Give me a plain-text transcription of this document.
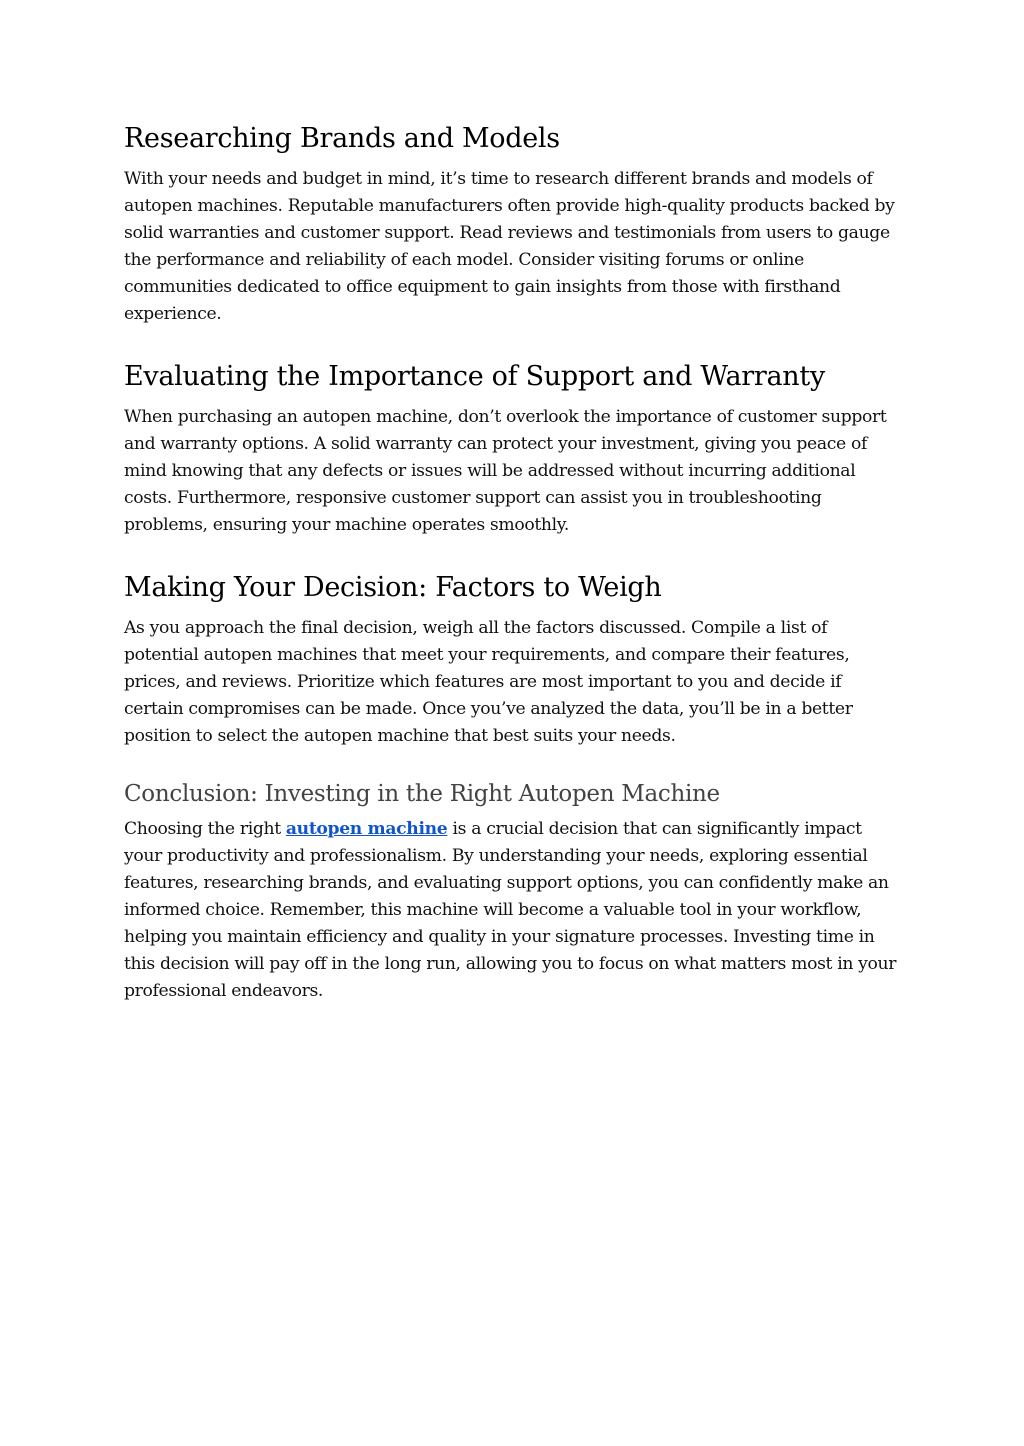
Researching Brands and Models

With your needs and budget in mind, it’s time to research different brands and models of autopen machines. Reputable manufacturers often provide high-quality products backed by solid warranties and customer support. Read reviews and testimonials from users to gauge the performance and reliability of each model. Consider visiting forums or online communities dedicated to office equipment to gain insights from those with firsthand experience.

Evaluating the Importance of Support and Warranty

When purchasing an autopen machine, don’t overlook the importance of customer support and warranty options. A solid warranty can protect your investment, giving you peace of mind knowing that any defects or issues will be addressed without incurring additional costs. Furthermore, responsive customer support can assist you in troubleshooting problems, ensuring your machine operates smoothly.

Making Your Decision: Factors to Weigh

As you approach the final decision, weigh all the factors discussed. Compile a list of potential autopen machines that meet your requirements, and compare their features, prices, and reviews. Prioritize which features are most important to you and decide if certain compromises can be made. Once you’ve analyzed the data, you’ll be in a better position to select the autopen machine that best suits your needs.

Conclusion: Investing in the Right Autopen Machine

Choosing the right autopen machine is a crucial decision that can significantly impact your productivity and professionalism. By understanding your needs, exploring essential features, researching brands, and evaluating support options, you can confidently make an informed choice. Remember, this machine will become a valuable tool in your workflow, helping you maintain efficiency and quality in your signature processes. Investing time in this decision will pay off in the long run, allowing you to focus on what matters most in your professional endeavors.
